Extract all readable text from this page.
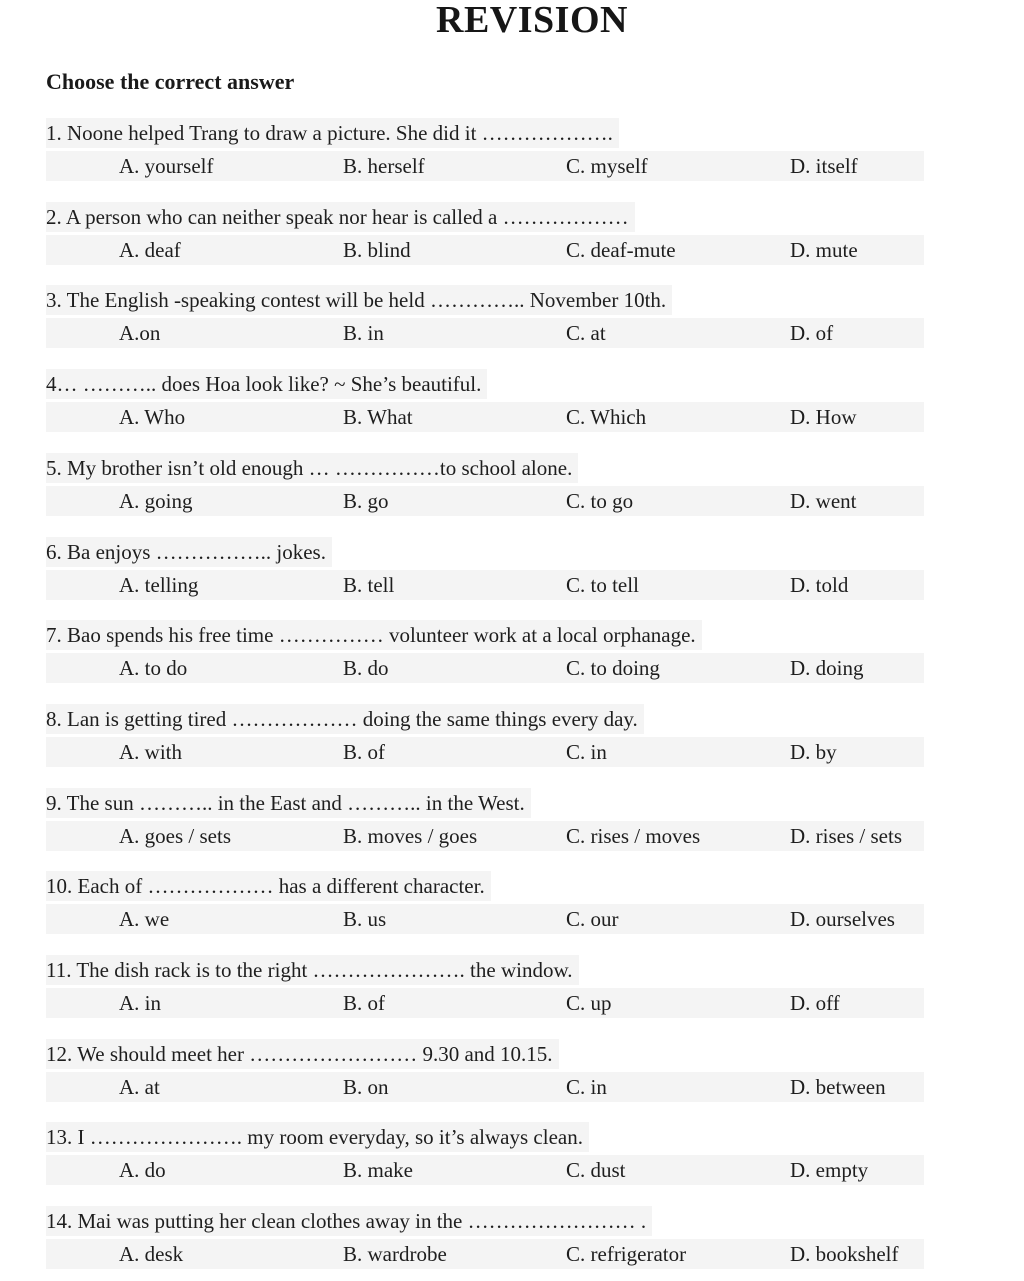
REVISION
Choose the correct answer
1. Noone helped Trang to draw a picture. She did it ……………….
A. yourself	B. herself	C. myself	D. itself
2. A person who can neither speak nor hear is called a ………………
A. deaf	B. blind	C. deaf-mute	D. mute
3. The English -speaking contest will be held ………….. November 10th.
A.on	B. in	C. at	D. of
4… ……….. does Hoa look like? ~ She’s beautiful.
A. Who	B. What	C. Which	D. How
5. My brother isn’t old enough … ……………to school alone.
A. going	B. go	C. to go	D. went
6. Ba enjoys …………….. jokes.
A. telling	B. tell	C. to tell	D. told
7. Bao spends his free time …………… volunteer work at a local orphanage.
A. to do	B. do	C. to doing	D. doing
8. Lan is getting tired ……………… doing the same things every day.
A. with	B. of	C. in	D. by
9. The sun ……….. in the East and ……….. in the West.
A. goes / sets	B. moves / goes	C. rises / moves	D. rises / sets
10. Each of ……………… has a different character.
A. we	B. us	C. our	D. ourselves
11. The dish rack is to the right …………………. the window.
A. in	B. of	C. up	D. off
12. We should meet her …………………… 9.30 and 10.15.
A. at	B. on	C. in	D. between
13. I …………………. my room everyday, so it’s always clean.
A. do	B. make	C. dust	D. empty
14. Mai was putting her clean clothes away in the …………………… .
A. desk	B. wardrobe	C. refrigerator	D. bookshelf
